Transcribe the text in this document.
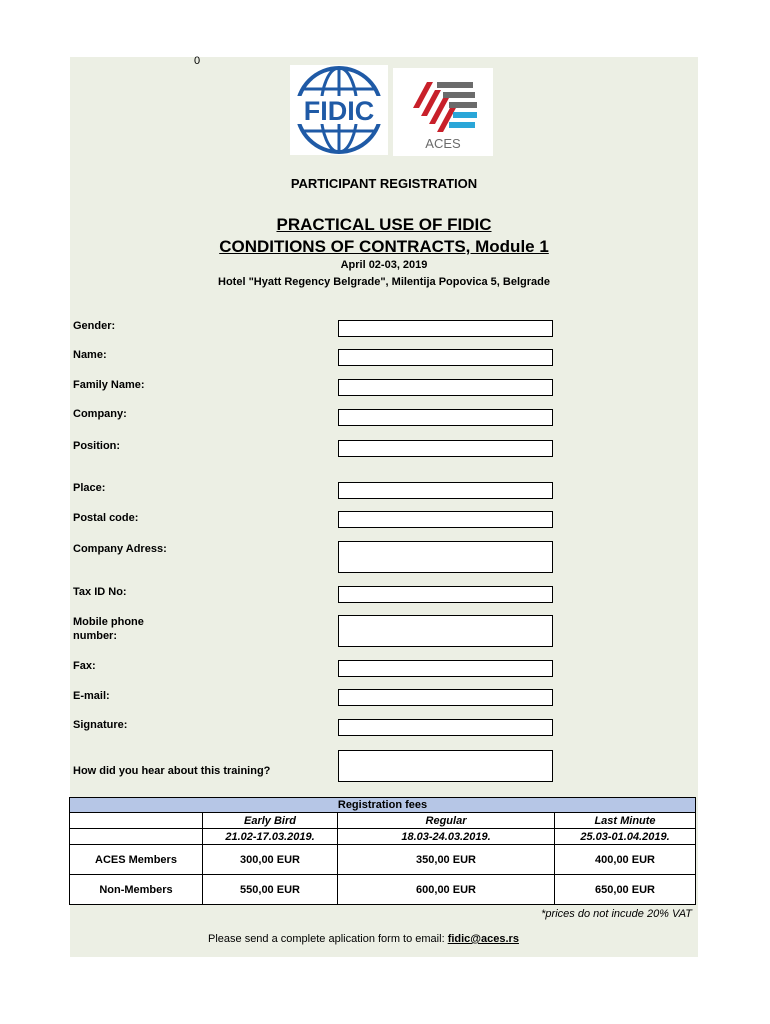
0
FIDIC
ACES
PARTICIPANT REGISTRATION
PRACTICAL USE OF FIDIC
CONDITIONS OF CONTRACTS, Module 1
April 02-03, 2019
Hotel "Hyatt Regency Belgrade", Milentija Popovica 5, Belgrade
Gender:
Name:
Family Name:
Company:
Position:
Place:
Postal code:
Company Adress:
Tax ID No:
Mobile phone
number:
Fax:
E-mail:
Signature:
How did you hear about this training?
Registration fees			
	Early Bird	Regular	Last Minute
	21.02-17.03.2019.	18.03-24.03.2019.	25.03-01.04.2019.
ACES Members	300,00 EUR	350,00 EUR	400,00 EUR
Non-Members	550,00 EUR	600,00 EUR	650,00 EUR
*prices do not incude 20% VAT
Please send a complete aplication form to email: fidic@aces.rs
